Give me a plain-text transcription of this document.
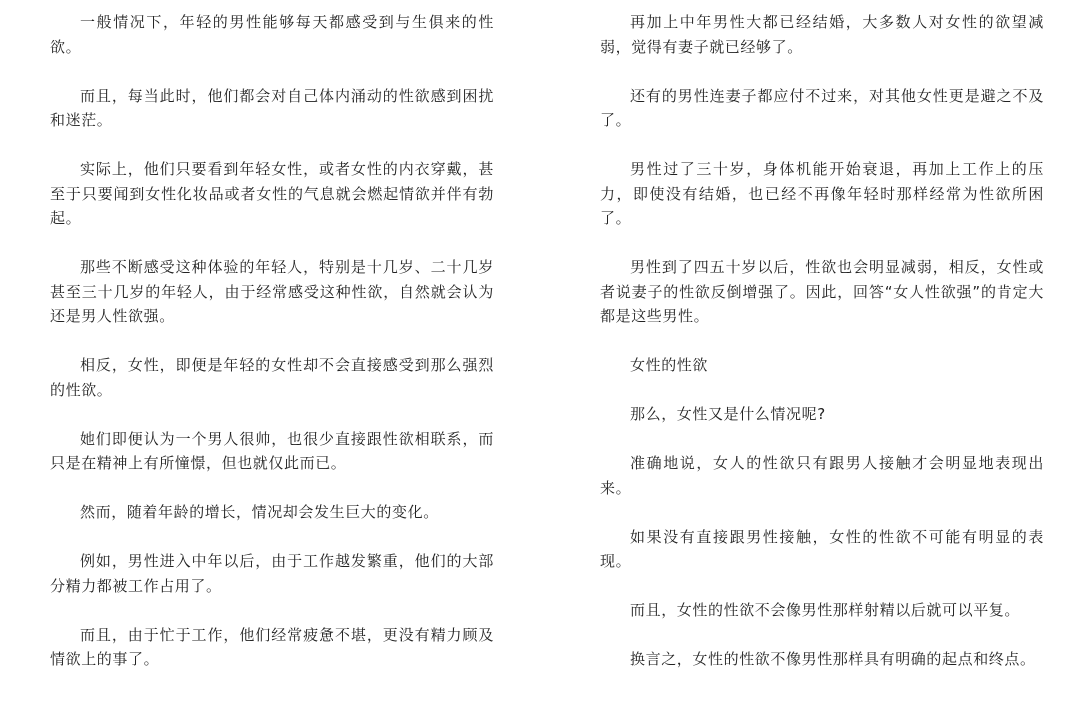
一般情况下，年轻的男性能够每天都感受到与生俱来的性欲。

而且，每当此时，他们都会对自己体内涌动的性欲感到困扰和迷茫。

实际上，他们只要看到年轻女性，或者女性的内衣穿戴，甚至于只要闻到女性化妆品或者女性的气息就会燃起情欲并伴有勃起。

那些不断感受这种体验的年轻人，特别是十几岁、二十几岁甚至三十几岁的年轻人，由于经常感受这种性欲，自然就会认为还是男人性欲强。

相反，女性，即便是年轻的女性却不会直接感受到那么强烈的性欲。

她们即便认为一个男人很帅，也很少直接跟性欲相联系，而只是在精神上有所憧憬，但也就仅此而已。

然而，随着年龄的增长，情况却会发生巨大的变化。

例如，男性进入中年以后，由于工作越发繁重，他们的大部分精力都被工作占用了。

而且，由于忙于工作，他们经常疲惫不堪，更没有精力顾及情欲上的事了。

再加上中年男性大都已经结婚，大多数人对女性的欲望减弱，觉得有妻子就已经够了。

还有的男性连妻子都应付不过来，对其他女性更是避之不及了。

男性过了三十岁，身体机能开始衰退，再加上工作上的压力，即使没有结婚，也已经不再像年轻时那样经常为性欲所困了。

男性到了四五十岁以后，性欲也会明显减弱，相反，女性或者说妻子的性欲反倒增强了。因此，回答“女人性欲强”的肯定大都是这些男性。

女性的性欲

那么，女性又是什么情况呢?

准确地说，女人的性欲只有跟男人接触才会明显地表现出来。

如果没有直接跟男性接触，女性的性欲不可能有明显的表现。

而且，女性的性欲不会像男性那样射精以后就可以平复。

换言之，女性的性欲不像男性那样具有明确的起点和终点。
